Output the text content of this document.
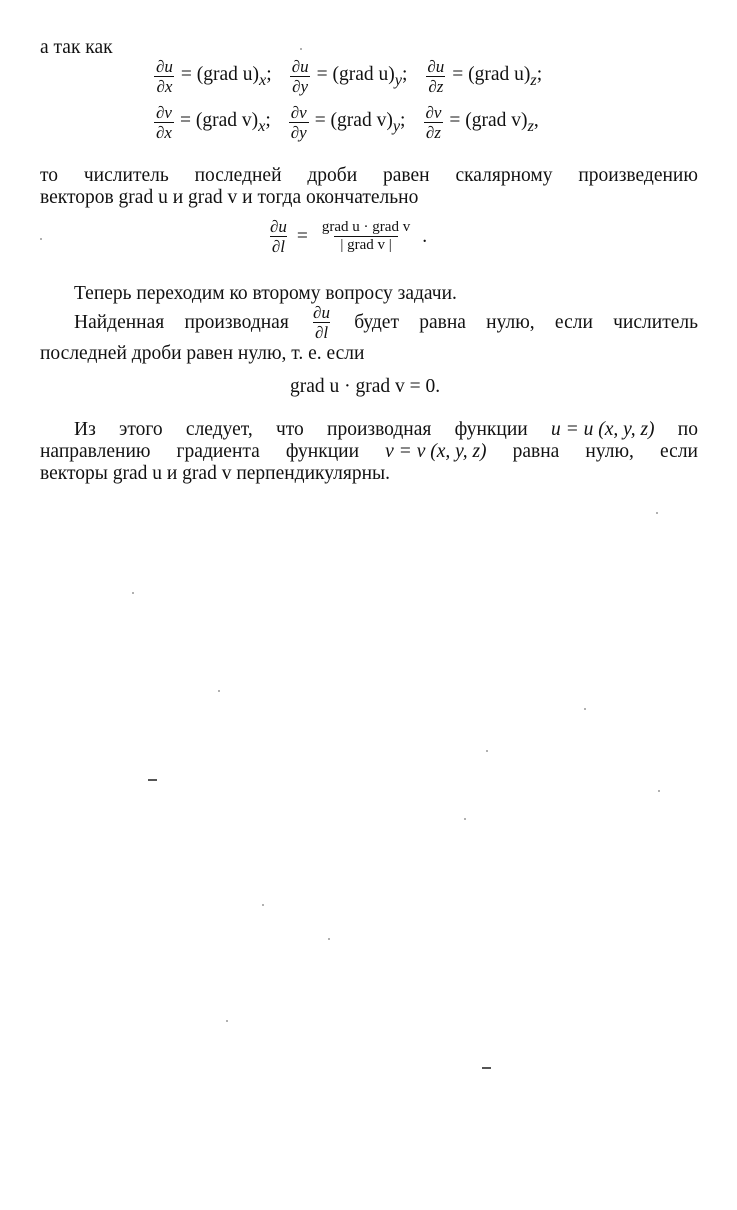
а так как
$\frac{\partial u}{\partial x}$ = (grad $u)_x$; $\frac{\partial u}{\partial y}$ = (grad $u)_y$; $\frac{\partial u}{\partial z}$ = (grad $u)_z$;
$\frac{\partial v}{\partial x}$ = (grad $v)_x$; $\frac{\partial v}{\partial y}$ = (grad $v)_y$; $\frac{\partial v}{\partial z}$ = (grad $v)_z$,
то числитель последней дроби равен скалярному произведению
векторов grad u и grad v и тогда окончательно
$\frac{\partial u}{\partial l} = \frac{\text{grad u · grad v}}{\text{| grad v |}}$ .
Теперь переходим ко второму вопросу задачи.
Найденная производная $\frac{\partial u}{\partial l}$ будет равна нулю, если числитель
последней дроби равен нулю, т. е. если
grad u · grad v = 0.
Из этого следует, что производная функции u = u (x, y, z) по
направлению градиента функции v = v (x, y, z) равна нулю, если
векторы grad u и grad v перпендикулярны.
